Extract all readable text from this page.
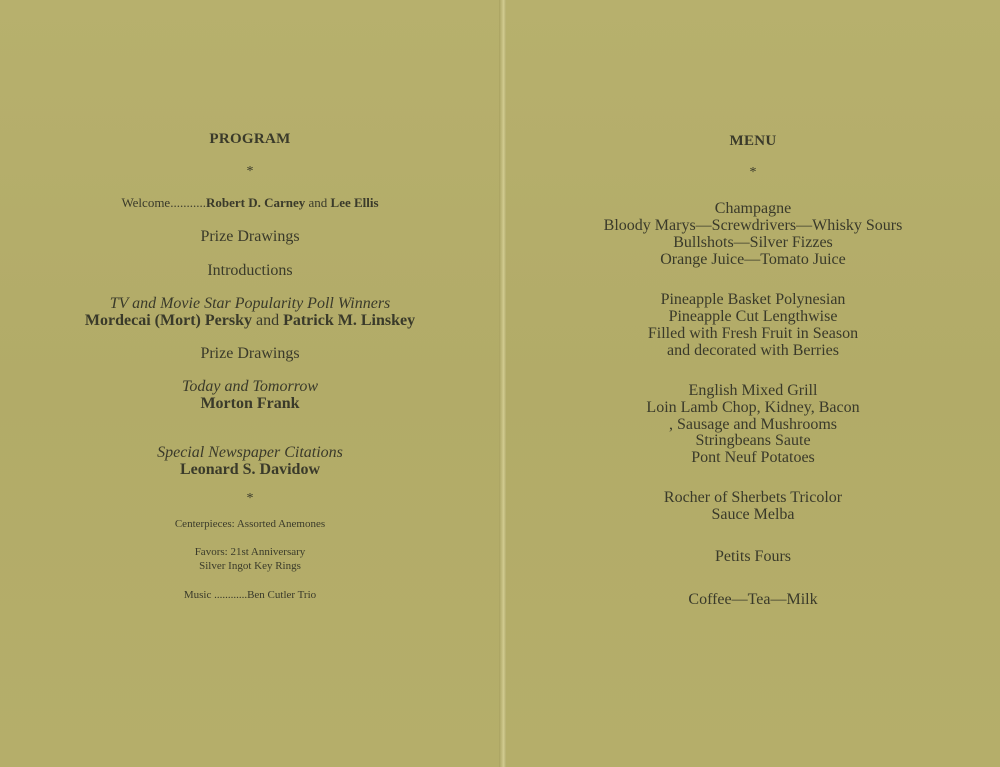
PROGRAM
*
Welcome...........Robert D. Carney and Lee Ellis
Prize Drawings
Introductions
TV and Movie Star Popularity Poll Winners
Mordecai (Mort) Persky and Patrick M. Linskey
Prize Drawings
Today and Tomorrow
Morton Frank
Special Newspaper Citations
Leonard S. Davidow
*
Centerpieces: Assorted Anemones
Favors: 21st Anniversary
Silver Ingot Key Rings
Music ............Ben Cutler Trio
MENU
*
Champagne
Bloody Marys—Screwdrivers—Whisky Sours
Bullshots—Silver Fizzes
Orange Juice—Tomato Juice
Pineapple Basket Polynesian
Pineapple Cut Lengthwise
Filled with Fresh Fruit in Season
and decorated with Berries
English Mixed Grill
Loin Lamb Chop, Kidney, Bacon
, Sausage and Mushrooms
Stringbeans Saute
Pont Neuf Potatoes
Rocher of Sherbets Tricolor
Sauce Melba
Petits Fours
Coffee—Tea—Milk
